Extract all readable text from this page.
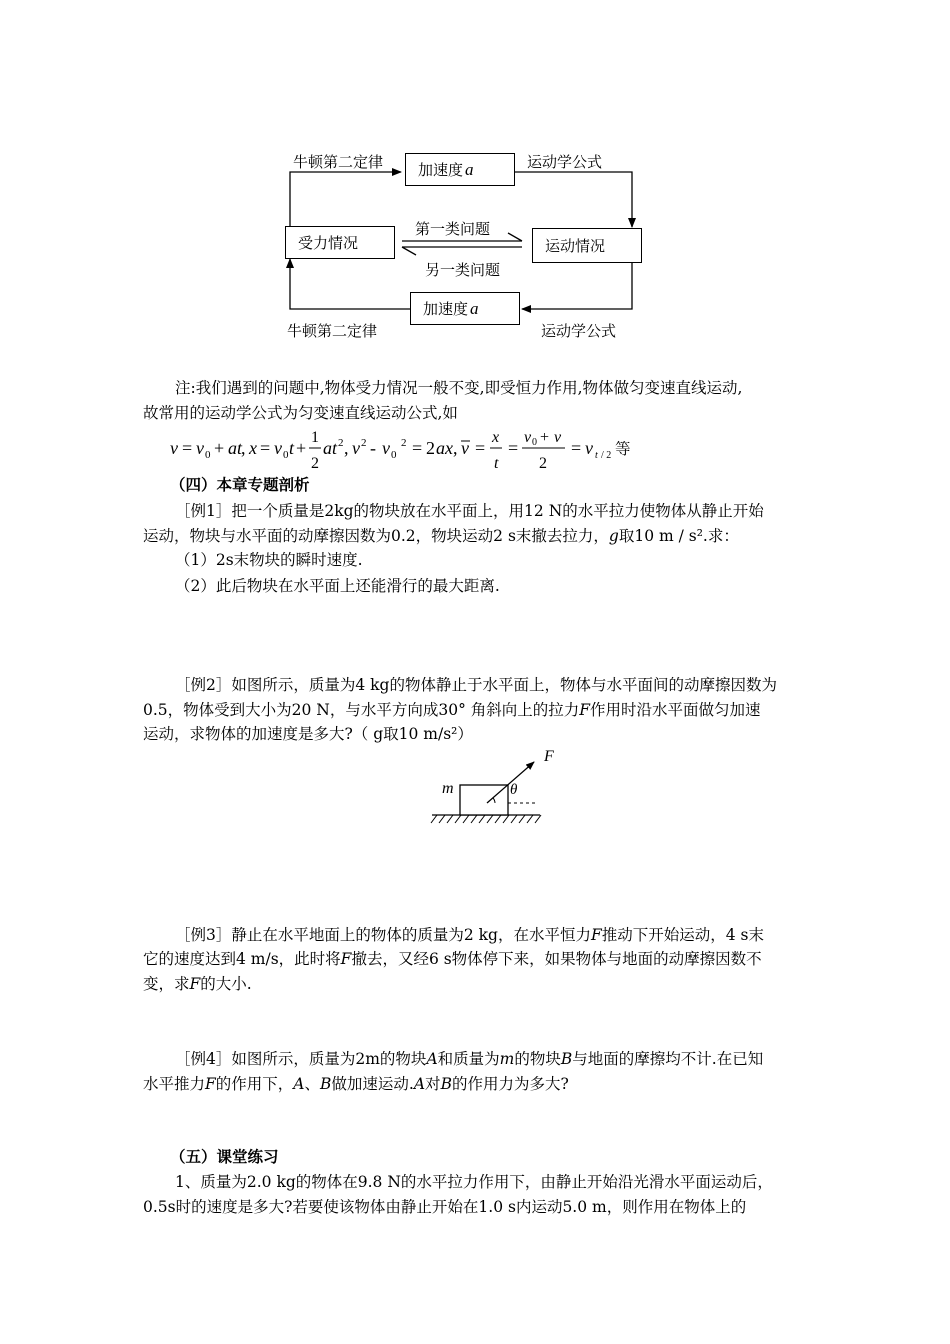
加速度 a
受力情况	运动情况
加速度 a
牛顿第二定律	运动学公式
第一类问题
另一类问题
牛顿第二定律	运动学公式
注:我们遇到的问题中,物体受力情况一般不变,即受恒力作用,物体做匀变速直线运动,
故常用的运动学公式为匀变速直线运动公式,如
v = v 0 + at
, x = v 0 t +
1
2
at 2 , v 2 - v 0
2 = 2 ax , v =
x
t
=
v 0 + v
2
= v t / 2 等
（四）本章专题剖析
［例1］把一个质量是2kg的物块放在水平面上，用12 N的水平拉力使物体从静止开始
运动，物块与水平面的动摩擦因数为0.2，物块运动2 s末撤去拉力，g取10 m / s².求：
（1）2s末物块的瞬时速度.
（2）此后物块在水平面上还能滑行的最大距离.
［例2］如图所示，质量为4 kg的物体静止于水平面上，物体与水平面间的动摩擦因数为
0.5，物体受到大小为20 N，与水平方向成30° 角斜向上的拉力F作用时沿水平面做匀加速
运动，求物体的加速度是多大?（ g取10 m/s²）
m
F
θ
［例3］静止在水平地面上的物体的质量为2 kg，在水平恒力F推动下开始运动，4 s末
它的速度达到4 m/s，此时将F撤去，又经6 s物体停下来，如果物体与地面的动摩擦因数不
变，求F的大小.
［例4］如图所示，质量为2m的物块A和质量为m的物块B与地面的摩擦均不计.在已知
水平推力F的作用下，A、B做加速运动.A对B的作用力为多大?
（五）课堂练习
1、质量为2.0 kg的物体在9.8 N的水平拉力作用下，由静止开始沿光滑水平面运动后，
0.5s时的速度是多大?若要使该物体由静止开始在1.0 s内运动5.0 m，则作用在物体上的
